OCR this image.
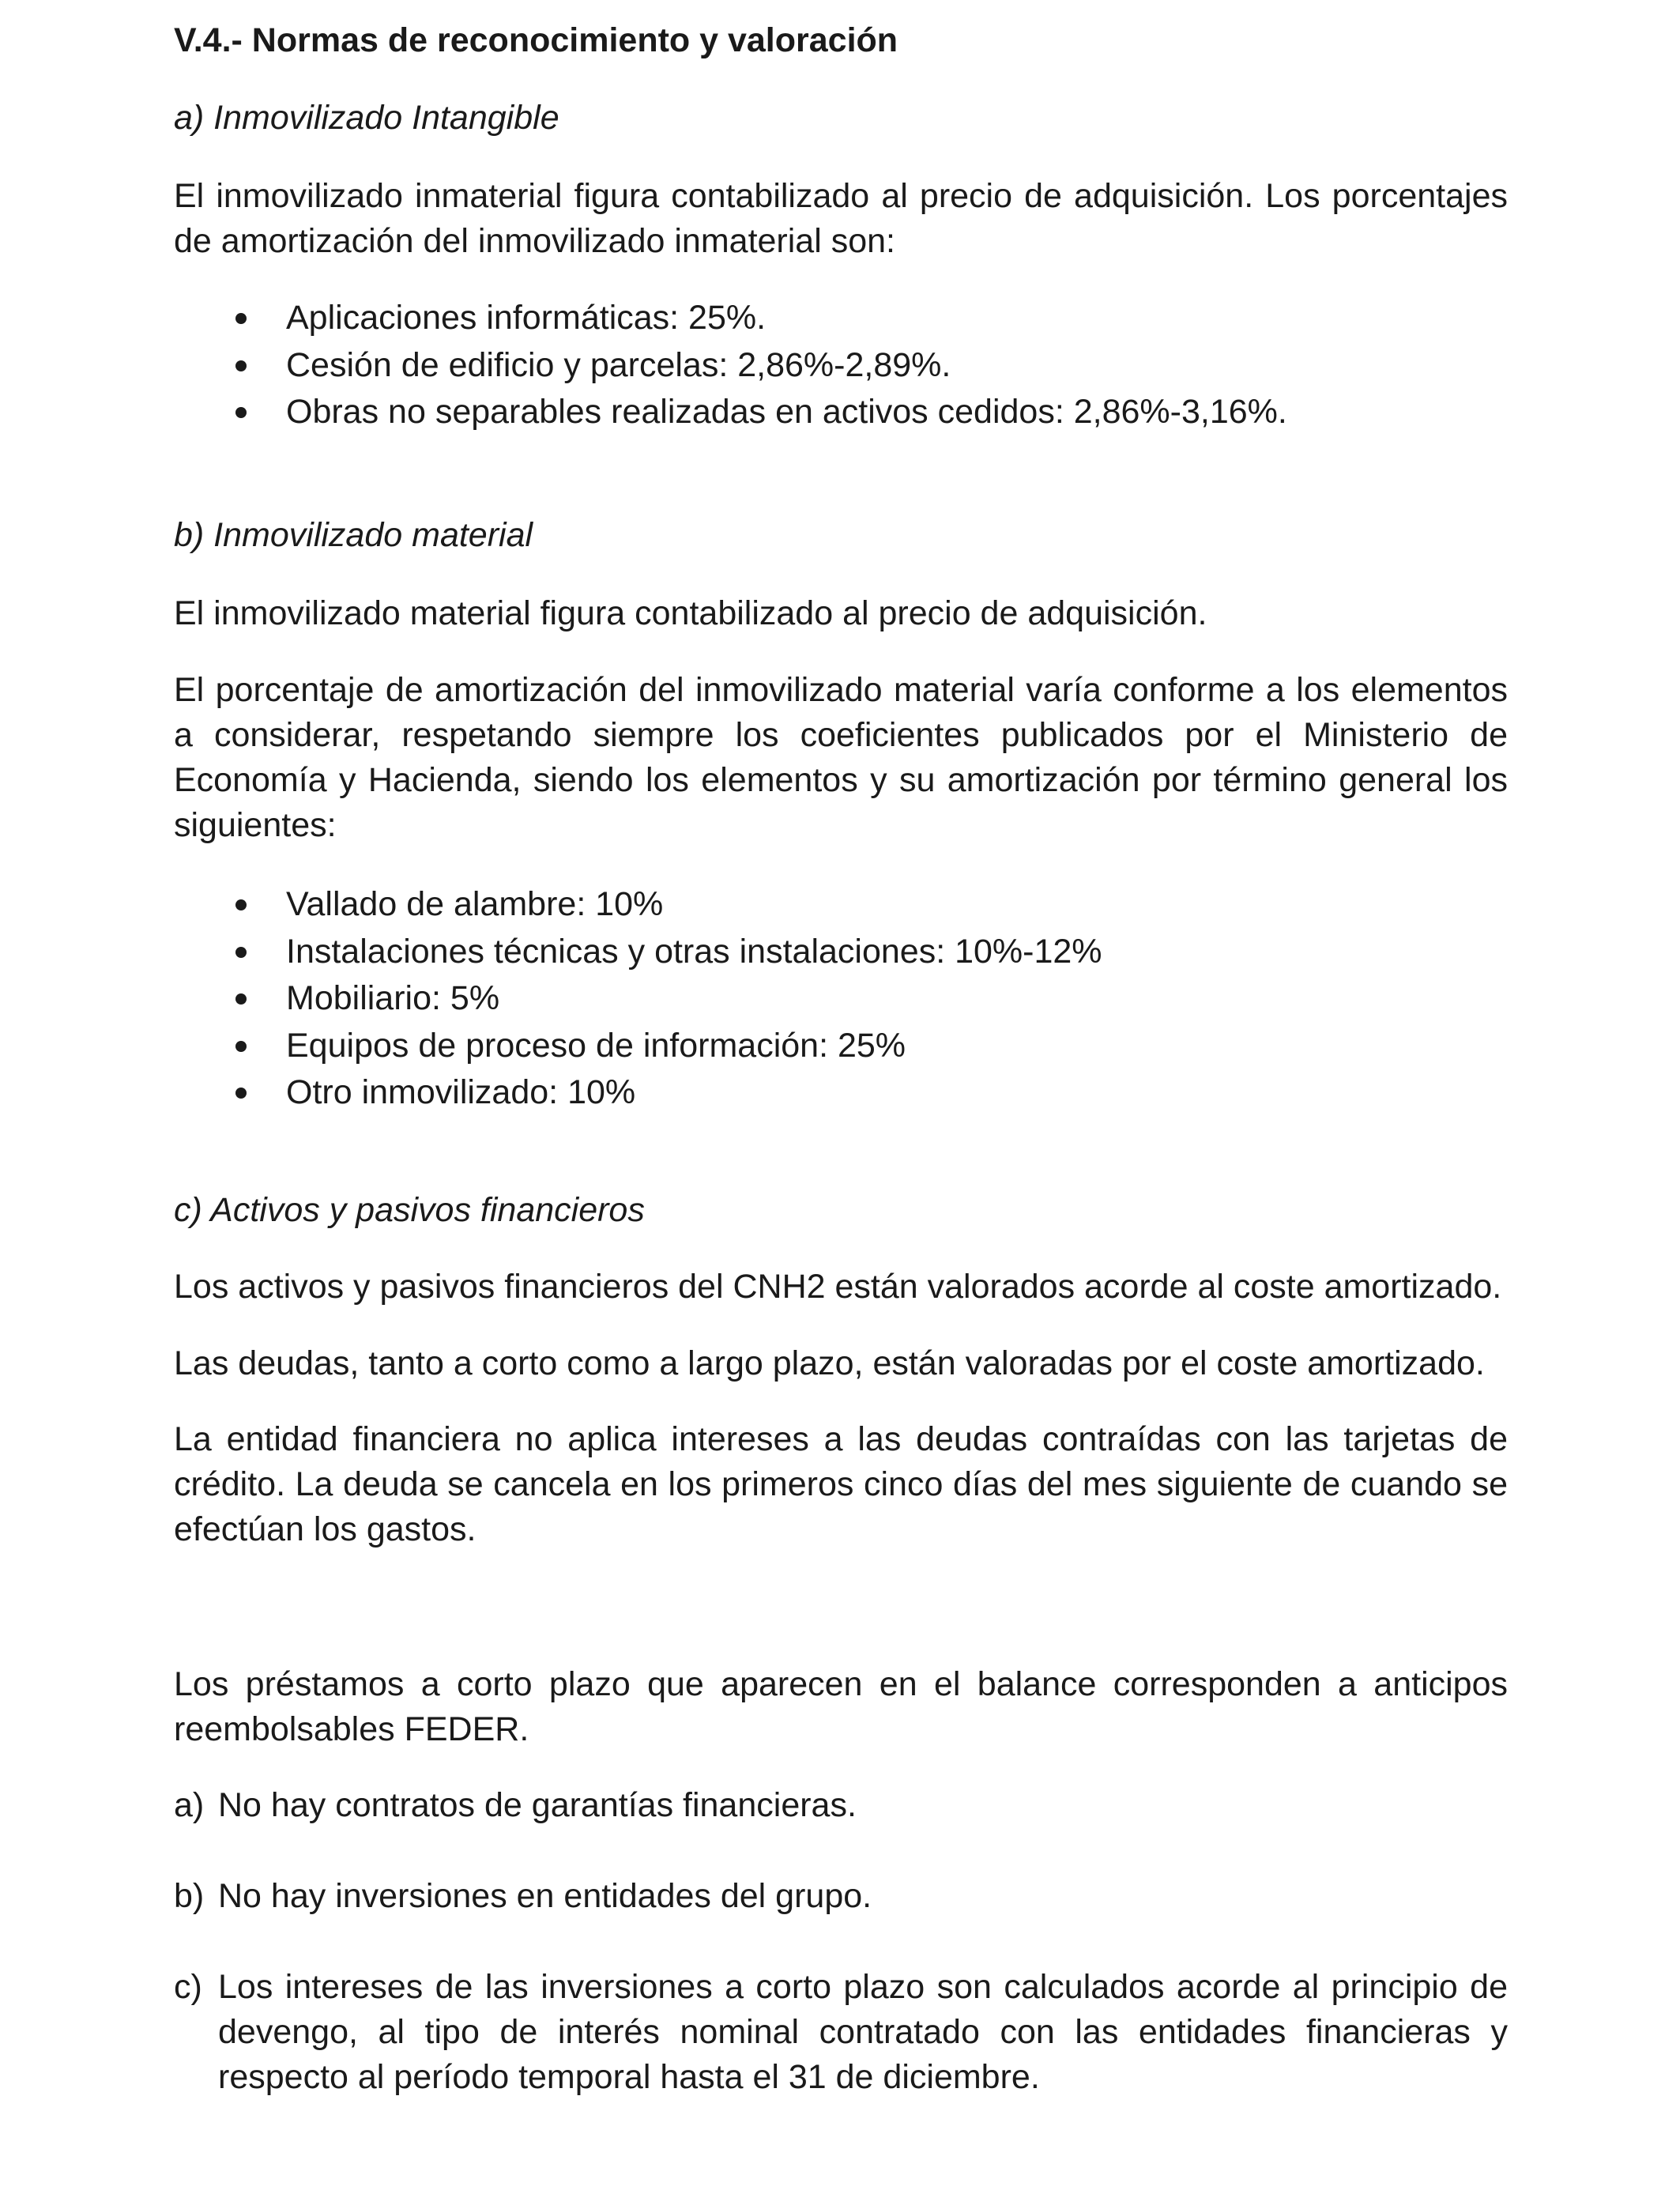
V.4.- Normas de reconocimiento y valoración
a) Inmovilizado Intangible

El inmovilizado inmaterial figura contabilizado al precio de adquisición. Los porcentajes de amortización del inmovilizado inmaterial son:

Aplicaciones informáticas: 25%.
Cesión de edificio y parcelas: 2,86%-2,89%.
Obras no separables realizadas en activos cedidos: 2,86%-3,16%.
b) Inmovilizado material

El inmovilizado material figura contabilizado al precio de adquisición.

El porcentaje de amortización del inmovilizado material varía conforme a los elementos a considerar, respetando siempre los coeficientes publicados por el Ministerio de Economía y Hacienda, siendo los elementos y su amortización por término general los siguientes:

Vallado de alambre: 10%
Instalaciones técnicas y otras instalaciones: 10%-12%
Mobiliario: 5%
Equipos de proceso de información: 25%
Otro inmovilizado: 10%
c) Activos y pasivos financieros

Los activos y pasivos financieros del CNH2 están valorados acorde al coste amortizado.

Las deudas, tanto a corto como a largo plazo, están valoradas por el coste amortizado.

La entidad financiera no aplica intereses a las deudas contraídas con las tarjetas de crédito. La deuda se cancela en los primeros cinco días del mes siguiente de cuando se efectúan los gastos.

Los préstamos a corto plazo que aparecen en el balance corresponden a anticipos reembolsables FEDER.

a) No hay contratos de garantías financieras.
b) No hay inversiones en entidades del grupo.
c) Los intereses de las inversiones a corto plazo son calculados acorde al principio de devengo, al tipo de interés nominal contratado con las entidades financieras y respecto al período temporal hasta el 31 de diciembre.
